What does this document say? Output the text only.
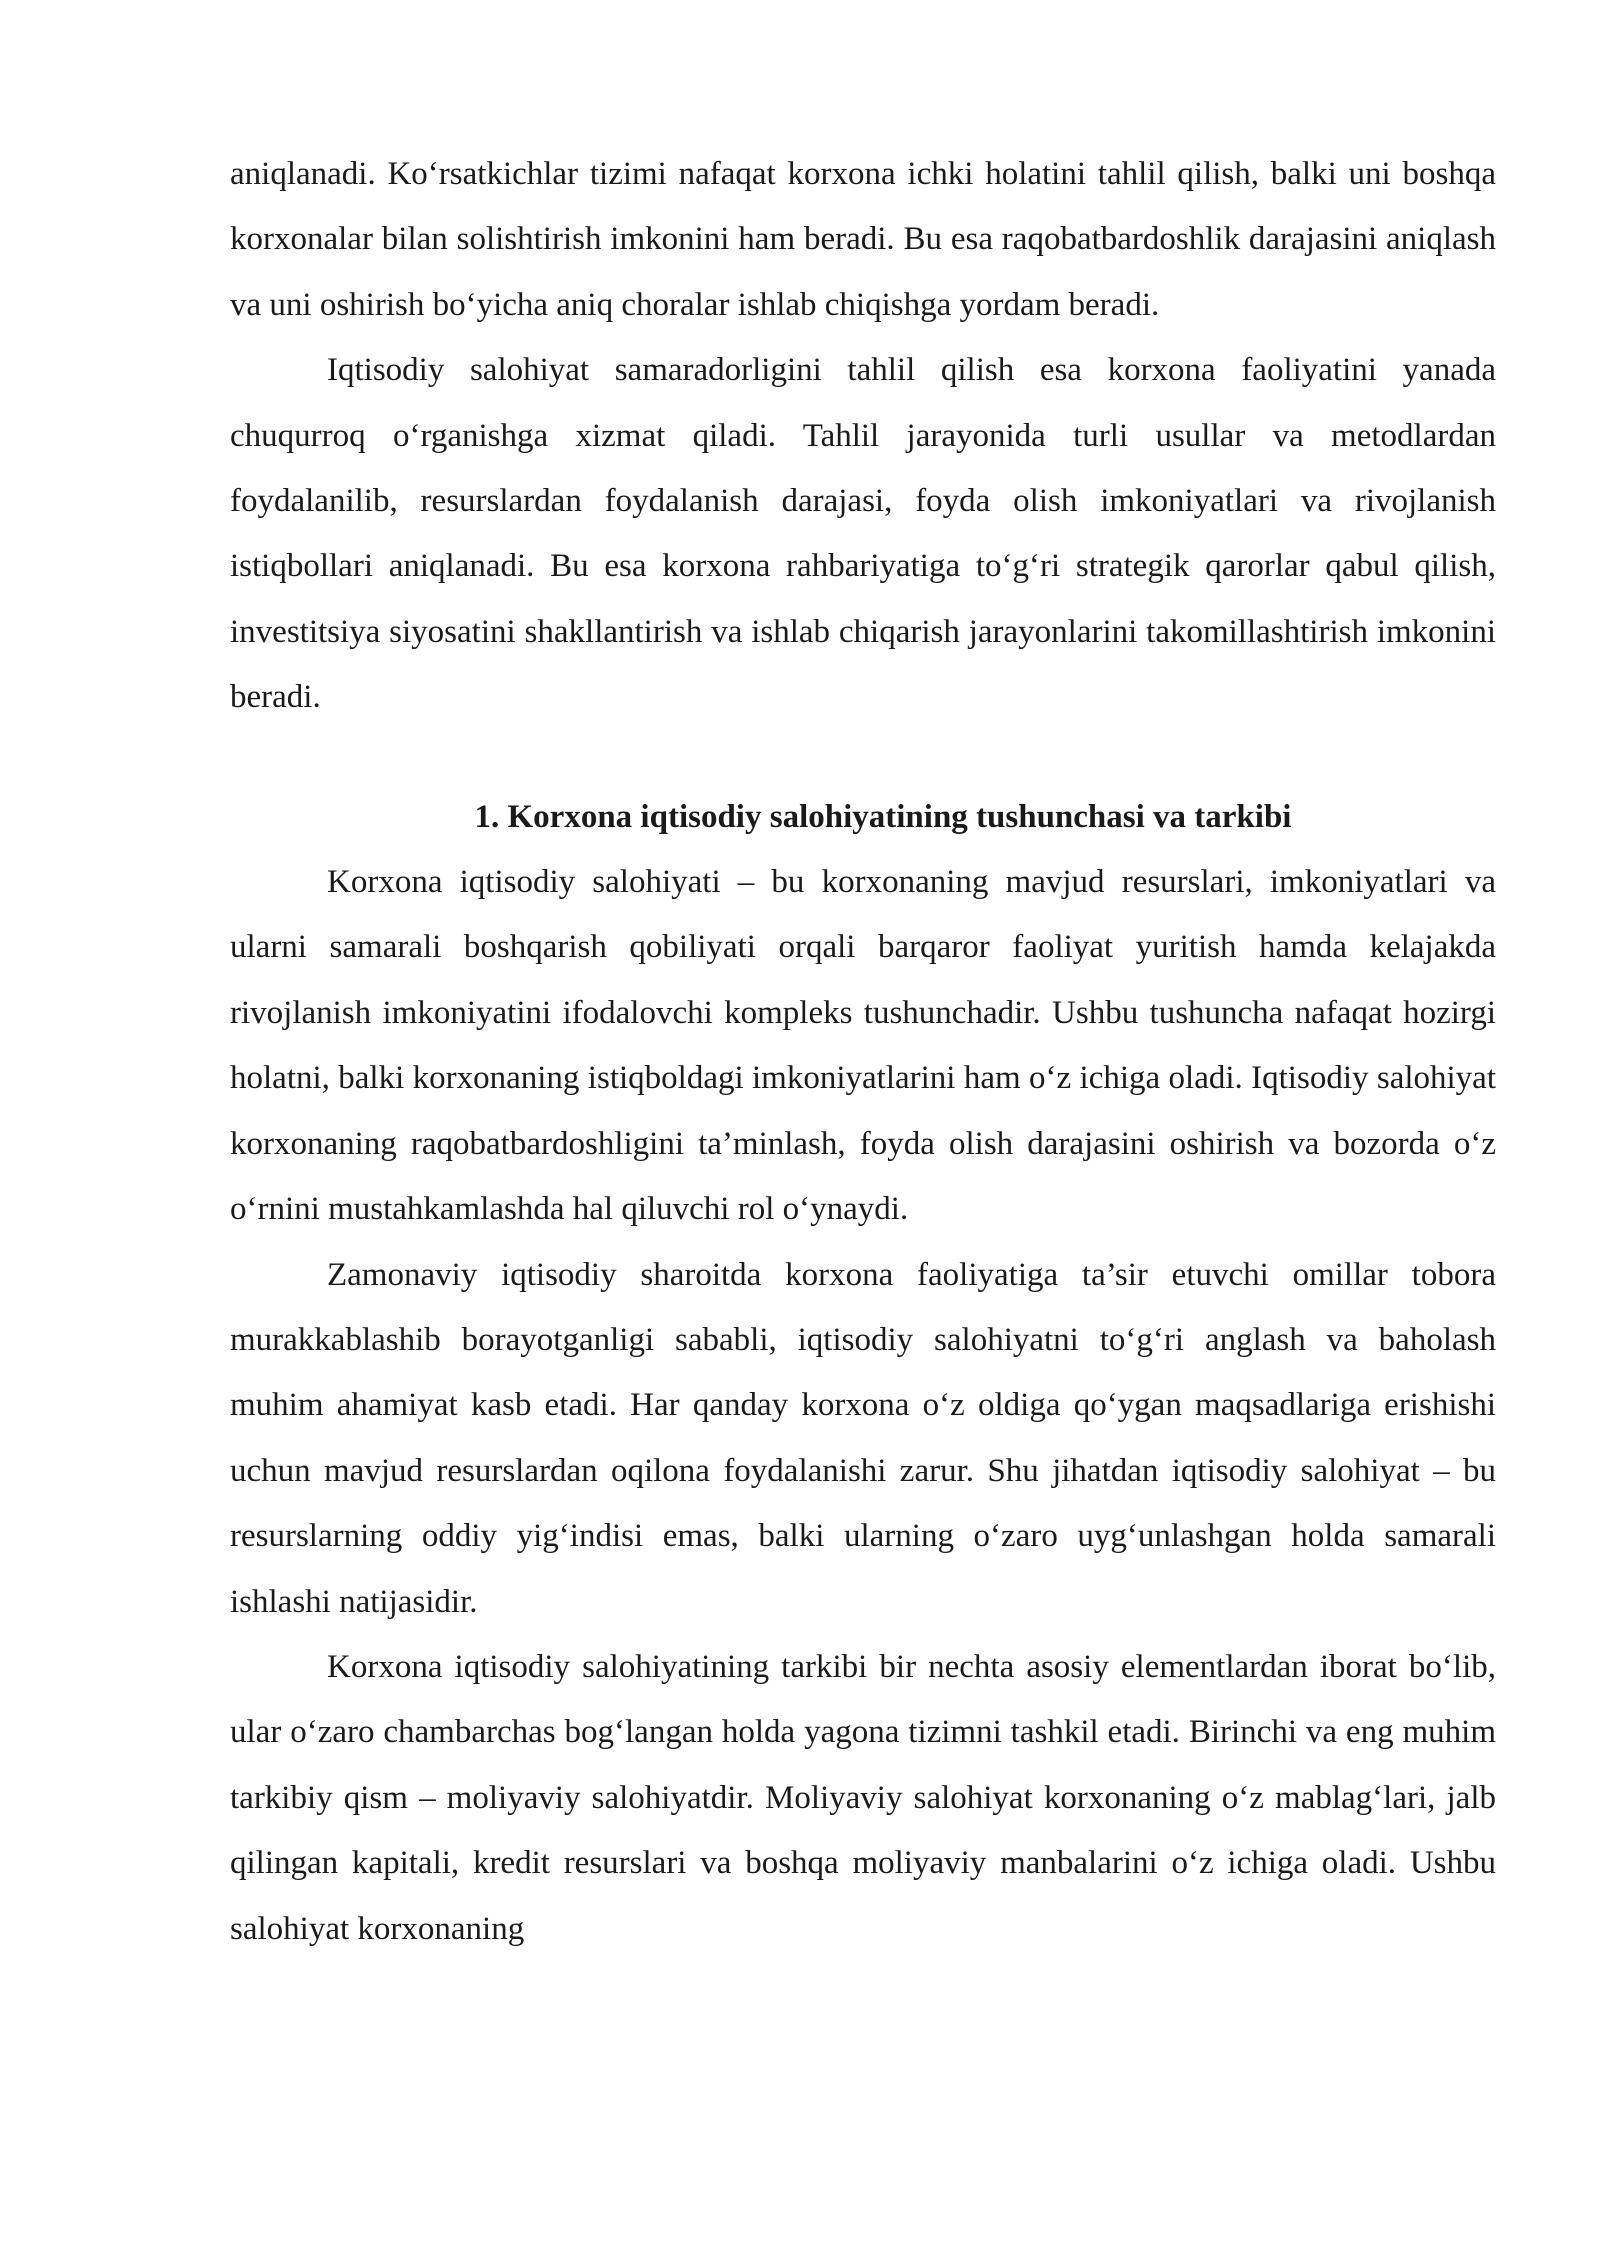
aniqlanadi. Ko‘rsatkichlar tizimi nafaqat korxona ichki holatini tahlil qilish, balki uni boshqa korxonalar bilan solishtirish imkonini ham beradi. Bu esa raqobatbardoshlik darajasini aniqlash va uni oshirish bo‘yicha aniq choralar ishlab chiqishga yordam beradi.

Iqtisodiy salohiyat samaradorligini tahlil qilish esa korxona faoliyatini yanada chuqurroq o‘rganishga xizmat qiladi. Tahlil jarayonida turli usullar va metodlardan foydalanilib, resurslardan foydalanish darajasi, foyda olish imkoniyatlari va rivojlanish istiqbollari aniqlanadi. Bu esa korxona rahbariyatiga to‘g‘ri strategik qarorlar qabul qilish, investitsiya siyosatini shakllantirish va ishlab chiqarish jarayonlarini takomillashtirish imkonini beradi.

1. Korxona iqtisodiy salohiyatining tushunchasi va tarkibi

Korxona iqtisodiy salohiyati – bu korxonaning mavjud resurslari, imkoniyatlari va ularni samarali boshqarish qobiliyati orqali barqaror faoliyat yuritish hamda kelajakda rivojlanish imkoniyatini ifodalovchi kompleks tushunchadir. Ushbu tushuncha nafaqat hozirgi holatni, balki korxonaning istiqboldagi imkoniyatlarini ham o‘z ichiga oladi. Iqtisodiy salohiyat korxonaning raqobatbardoshligini ta’minlash, foyda olish darajasini oshirish va bozorda o‘z o‘rnini mustahkamlashda hal qiluvchi rol o‘ynaydi.

Zamonaviy iqtisodiy sharoitda korxona faoliyatiga ta’sir etuvchi omillar tobora murakkablashib borayotganligi sababli, iqtisodiy salohiyatni to‘g‘ri anglash va baholash muhim ahamiyat kasb etadi. Har qanday korxona o‘z oldiga qo‘ygan maqsadlariga erishishi uchun mavjud resurslardan oqilona foydalanishi zarur. Shu jihatdan iqtisodiy salohiyat – bu resurslarning oddiy yig‘indisi emas, balki ularning o‘zaro uyg‘unlashgan holda samarali ishlashi natijasidir.

Korxona iqtisodiy salohiyatining tarkibi bir nechta asosiy elementlardan iborat bo‘lib, ular o‘zaro chambarchas bog‘langan holda yagona tizimni tashkil etadi. Birinchi va eng muhim tarkibiy qism – moliyaviy salohiyatdir. Moliyaviy salohiyat korxonaning o‘z mablag‘lari, jalb qilingan kapitali, kredit resurslari va boshqa moliyaviy manbalarini o‘z ichiga oladi. Ushbu salohiyat korxonaning
